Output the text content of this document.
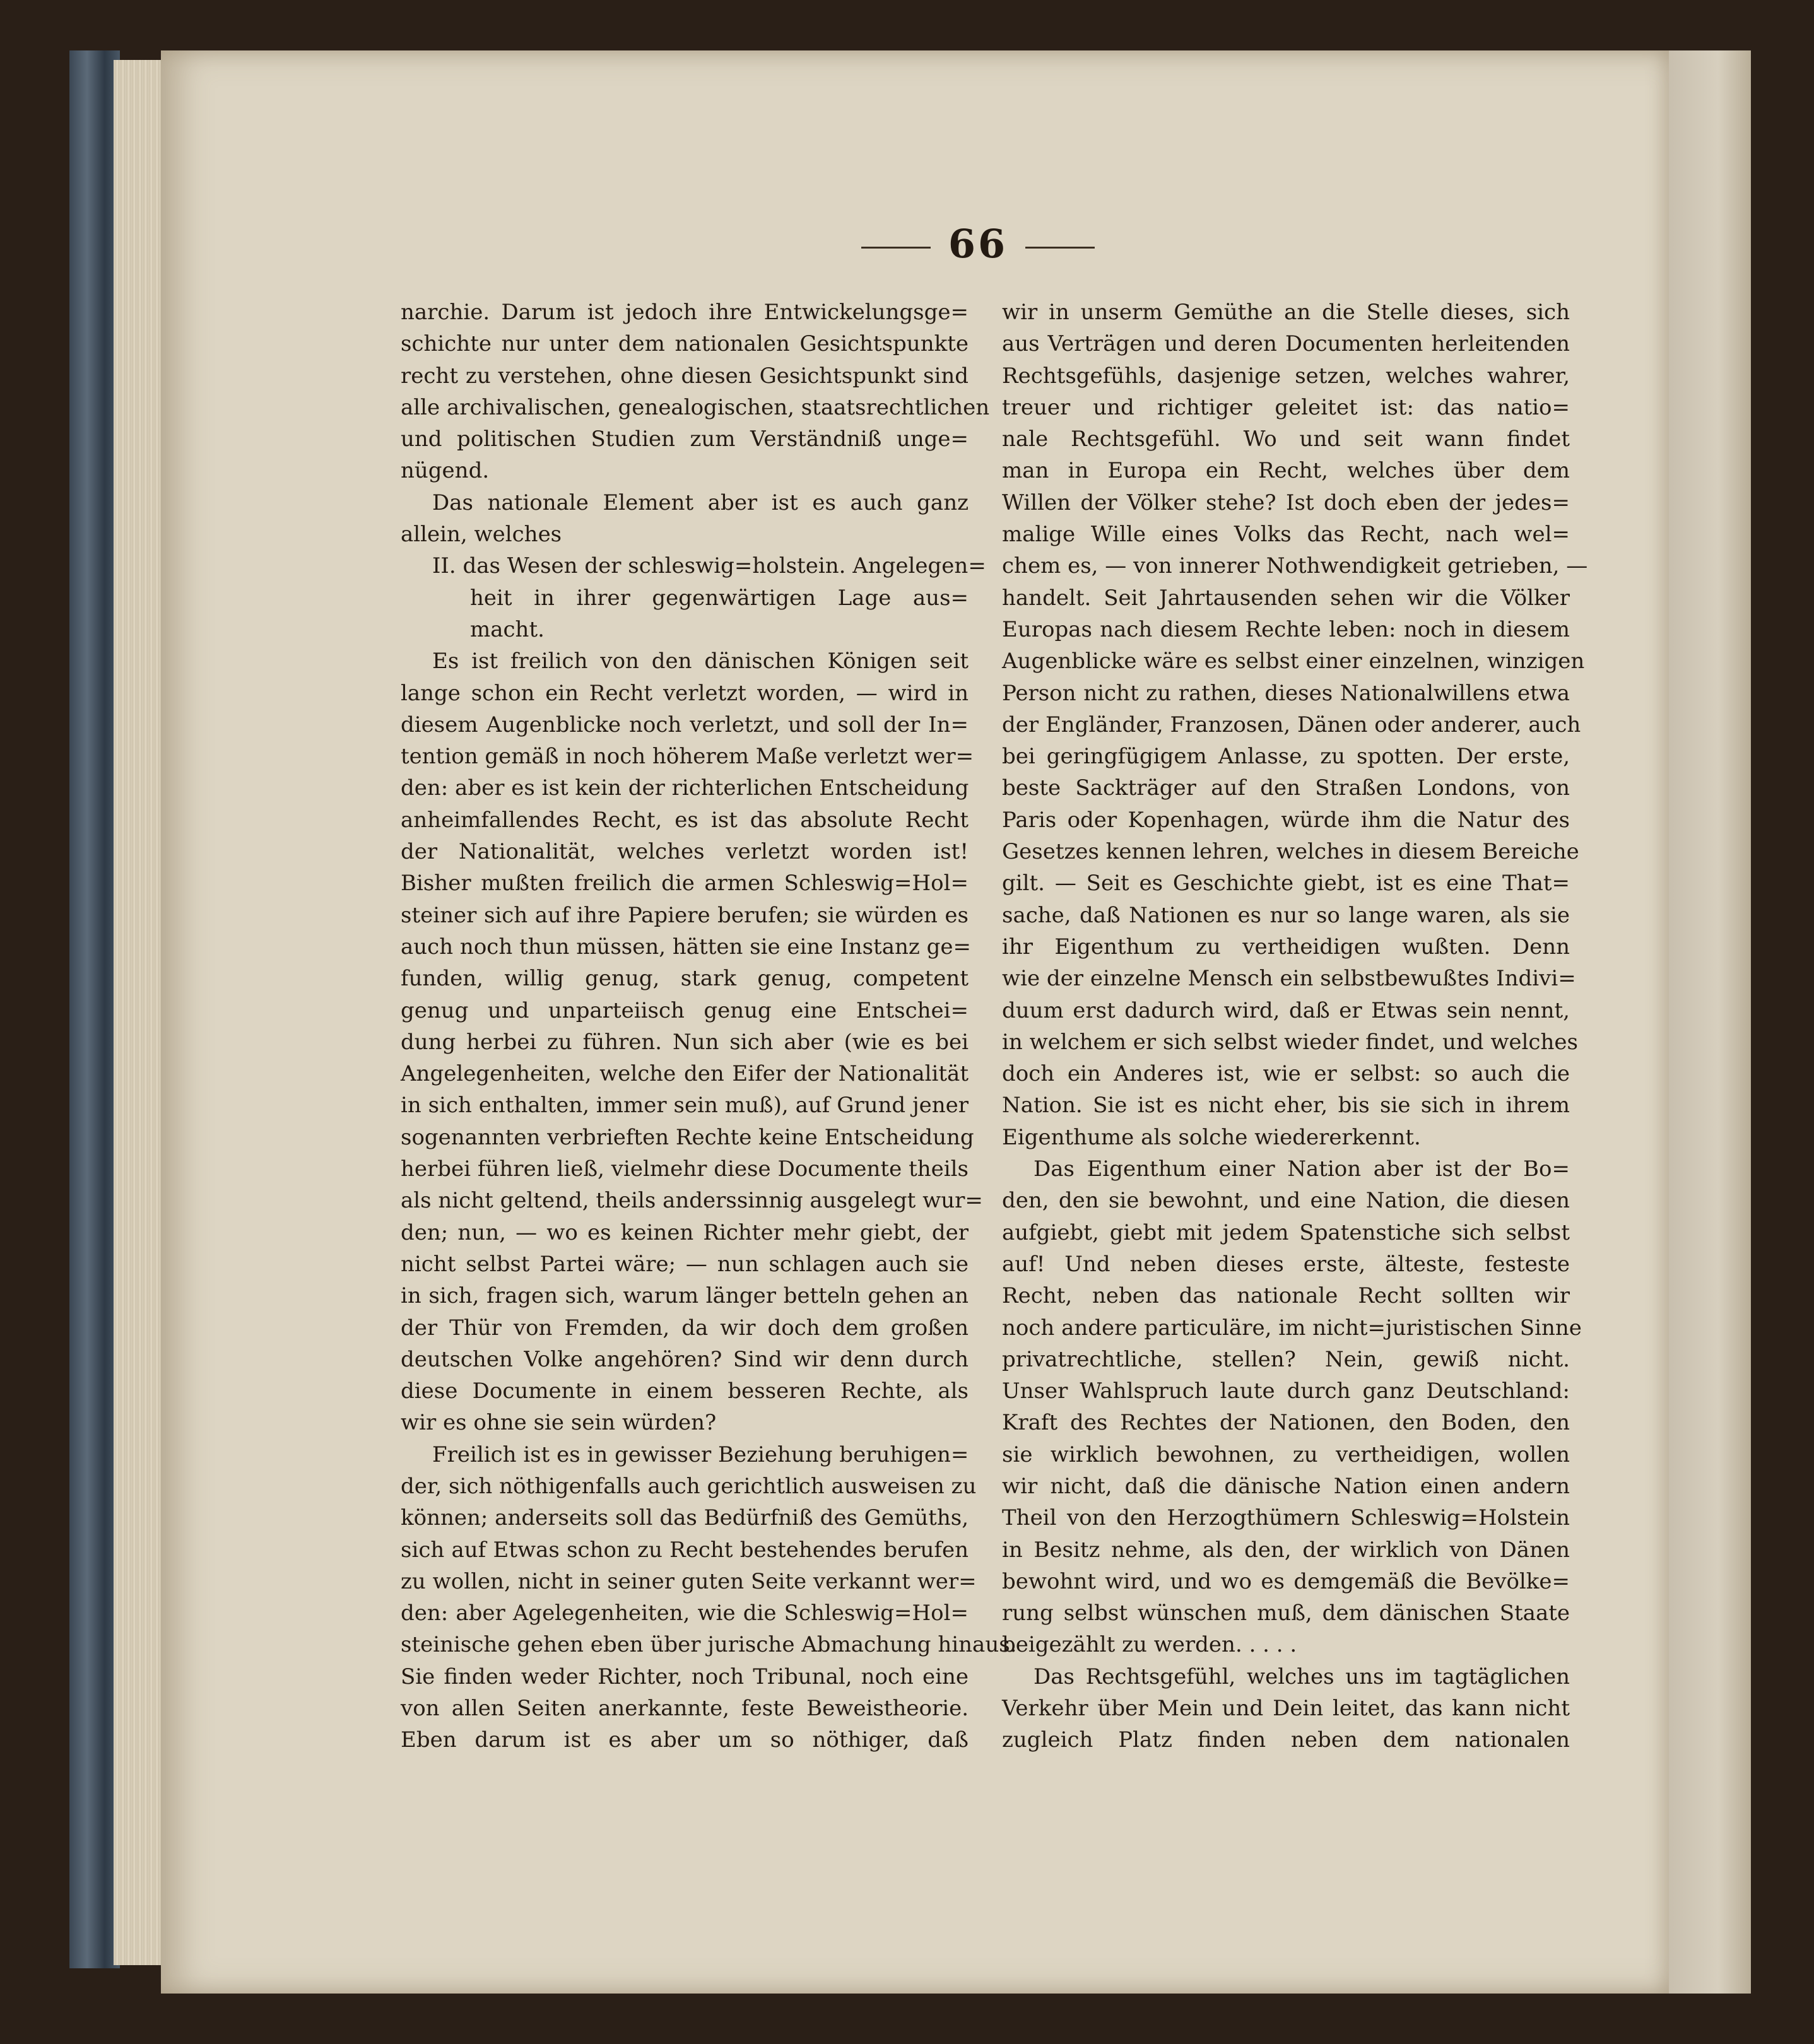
66
narchie. Darum ist jedoch ihre Entwickelungsge=
schichte nur unter dem nationalen Gesichtspunkte
recht zu verstehen, ohne diesen Gesichtspunkt sind
alle archivalischen, genealogischen, staatsrechtlichen
und politischen Studien zum Verständniß unge=
nügend.
Das nationale Element aber ist es auch ganz
allein, welches
II. das Wesen der schleswig=holstein. Angelegen=
heit in ihrer gegenwärtigen Lage aus=
macht.
Es ist freilich von den dänischen Königen seit
lange schon ein Recht verletzt worden, — wird in
diesem Augenblicke noch verletzt, und soll der In=
tention gemäß in noch höherem Maße verletzt wer=
den: aber es ist kein der richterlichen Entscheidung
anheimfallendes Recht, es ist das absolute Recht
der Nationalität, welches verletzt worden ist!
Bisher mußten freilich die armen Schleswig=Hol=
steiner sich auf ihre Papiere berufen; sie würden es
auch noch thun müssen, hätten sie eine Instanz ge=
funden, willig genug, stark genug, competent
genug und unparteiisch genug eine Entschei=
dung herbei zu führen. Nun sich aber (wie es bei
Angelegenheiten, welche den Eifer der Nationalität
in sich enthalten, immer sein muß), auf Grund jener
sogenannten verbrieften Rechte keine Entscheidung
herbei führen ließ, vielmehr diese Documente theils
als nicht geltend, theils anderssinnig ausgelegt wur=
den; nun, — wo es keinen Richter mehr giebt, der
nicht selbst Partei wäre; — nun schlagen auch sie
in sich, fragen sich, warum länger betteln gehen an
der Thür von Fremden, da wir doch dem großen
deutschen Volke angehören? Sind wir denn durch
diese Documente in einem besseren Rechte, als
wir es ohne sie sein würden?
Freilich ist es in gewisser Beziehung beruhigen=
der, sich nöthigenfalls auch gerichtlich ausweisen zu
können; anderseits soll das Bedürfniß des Gemüths,
sich auf Etwas schon zu Recht bestehendes berufen
zu wollen, nicht in seiner guten Seite verkannt wer=
den: aber Agelegenheiten, wie die Schleswig=Hol=
steinische gehen eben über jurische Abmachung hinaus.
Sie finden weder Richter, noch Tribunal, noch eine
von allen Seiten anerkannte, feste Beweistheorie.
Eben darum ist es aber um so nöthiger, daß
wir in unserm Gemüthe an die Stelle dieses, sich
aus Verträgen und deren Documenten herleitenden
Rechtsgefühls, dasjenige setzen, welches wahrer,
treuer und richtiger geleitet ist: das natio=
nale Rechtsgefühl. Wo und seit wann findet
man in Europa ein Recht, welches über dem
Willen der Völker stehe? Ist doch eben der jedes=
malige Wille eines Volks das Recht, nach wel=
chem es, — von innerer Nothwendigkeit getrieben, —
handelt. Seit Jahrtausenden sehen wir die Völker
Europas nach diesem Rechte leben: noch in diesem
Augenblicke wäre es selbst einer einzelnen, winzigen
Person nicht zu rathen, dieses Nationalwillens etwa
der Engländer, Franzosen, Dänen oder anderer, auch
bei geringfügigem Anlasse, zu spotten. Der erste,
beste Sackträger auf den Straßen Londons, von
Paris oder Kopenhagen, würde ihm die Natur des
Gesetzes kennen lehren, welches in diesem Bereiche
gilt. — Seit es Geschichte giebt, ist es eine That=
sache, daß Nationen es nur so lange waren, als sie
ihr Eigenthum zu vertheidigen wußten. Denn
wie der einzelne Mensch ein selbstbewußtes Indivi=
duum erst dadurch wird, daß er Etwas sein nennt,
in welchem er sich selbst wieder findet, und welches
doch ein Anderes ist, wie er selbst: so auch die
Nation. Sie ist es nicht eher, bis sie sich in ihrem
Eigenthume als solche wiedererkennt.
Das Eigenthum einer Nation aber ist der Bo=
den, den sie bewohnt, und eine Nation, die diesen
aufgiebt, giebt mit jedem Spatenstiche sich selbst
auf! Und neben dieses erste, älteste, festeste
Recht, neben das nationale Recht sollten wir
noch andere particuläre, im nicht=juristischen Sinne
privatrechtliche, stellen? Nein, gewiß nicht.
Unser Wahlspruch laute durch ganz Deutschland:
Kraft des Rechtes der Nationen, den Boden, den
sie wirklich bewohnen, zu vertheidigen, wollen
wir nicht, daß die dänische Nation einen andern
Theil von den Herzogthümern Schleswig=Holstein
in Besitz nehme, als den, der wirklich von Dänen
bewohnt wird, und wo es demgemäß die Bevölke=
rung selbst wünschen muß, dem dänischen Staate
beigezählt zu werden. . . . .
Das Rechtsgefühl, welches uns im tagtäglichen
Verkehr über Mein und Dein leitet, das kann nicht
zugleich Platz finden neben dem nationalen
